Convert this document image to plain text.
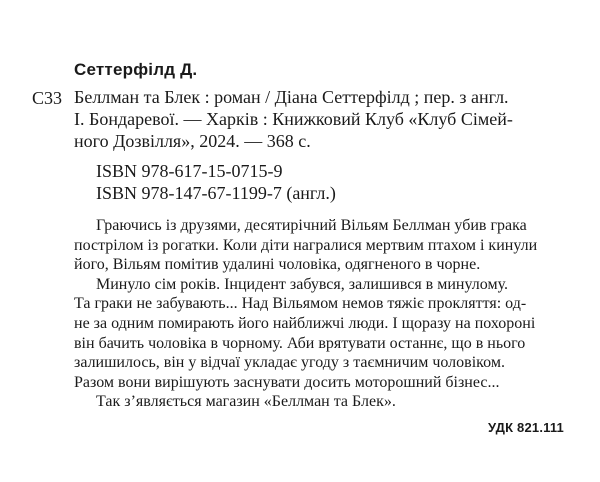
Сеттерфілд Д.
С33 Беллман та Блек : роман / Діана Сеттерфілд ; пер. з англ.
І. Бондаревої. — Харків : Книжковий Клуб «Клуб Сімей-
ного Дозвілля», 2024. — 368 с.
ISBN 978-617-15-0715-9
ISBN 978-147-67-1199-7 (англ.)
Граючись із друзями, десятирічний Вільям Беллман убив грака
пострілом із рогатки. Коли діти награлися мертвим птахом і кинули
його, Вільям помітив удалині чоловіка, одягненого в чорне.
Минуло сім років. Інцидент забувся, залишився в минулому.
Та граки не забувають... Над Вільямом немов тяжіє прокляття: од-
не за одним помирають його найближчі люди. І щоразу на похороні
він бачить чоловіка в чорному. Аби врятувати останнє, що в нього
залишилось, він у відчаї укладає угоду з таємничим чоловіком.
Разом вони вирішують заснувати досить моторошний бізнес...
Так з’являється магазин «Беллман та Блек».
УДК 821.111
